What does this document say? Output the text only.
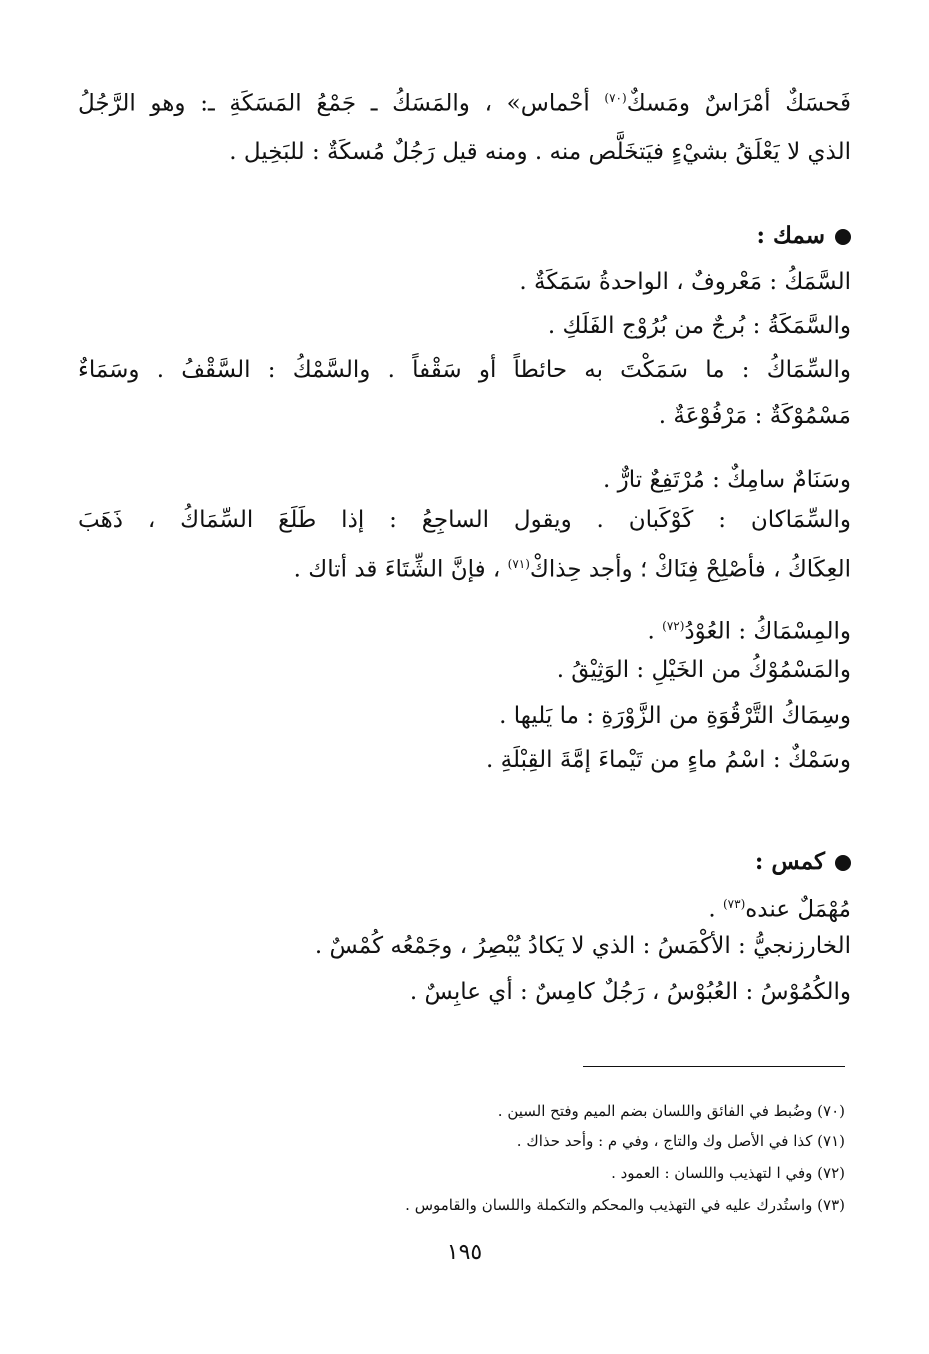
فَحسَكٌ أمْرَاسٌ ومَسكٌ$^{(٧٠)}$ أحْماس» ، والمَسَكُ ـ جَمْعُ المَسَكَةِ ـ: وهو الرَّجُلُ
الذي لا يَعْلَقُ بشيْءٍ فيَتخَلَّص منه . ومنه قيل رَجُلٌ مُسكَةٌ : للبَخِيل .
سمك :
السَّمَكُ : مَعْروفٌ ، الواحدةُ سَمَكَةٌ .
والسَّمَكَةُ : بُرجٌ من بُرُوْج الفَلَكِ .
والسِّمَاكُ : ما سَمَكْتَ به حائطاً أو سَقْفاً . والسَّمْكُ : السَّقْفُ . وسَمَاءٌ
مَسْمُوْكَةٌ : مَرْفُوْعَةٌ .
وسَنَامٌ سامِكٌ : مُرْتَفِعٌ تارٌّ .
والسِّمَاكان : كَوْكَبان . ويقول الساجِعُ : إذا طَلَعَ السِّمَاكُ ، ذَهَبَ
العِكَاكُ ، فأصْلِحْ فِنَاكْ ؛ وأجد حِذاكْ$^{(٧١)}$ ، فإنَّ الشِّتَاءَ قد أتاك .
والمِسْمَاكُ : العُوْدُ$^{(٧٢)}$ .
والمَسْمُوْكُ من الخَيْلِ : الوَثِيْقُ .
وسِمَاكُ التَّرْقُوَةِ من الزَّوْرَةِ : ما يَليها .
وسَمْكٌ : اسْمُ ماءٍ من تَيْماءَ إمَّةَ القِبْلَةِ .
كمس :
مُهْمَلٌ عنده$^{(٧٣)}$ .
الخارزنجيُّ : الأكْمَسُ : الذي لا يَكادُ يُبْصِرُ ، وجَمْعُه كُمْسٌ .
والكُمُوْسُ : العُبُوْسُ ، رَجُلٌ كامِسٌ : أي عابِسٌ .
(٧٠) وضُبط في الفائق واللسان بضم الميم وفتح السين .
(٧١) كذا في الأصل وك والتاج ، وفي م : وأحد حذاك .
(٧٢) وفي ا لتهذيب واللسان : العمود .
(٧٣) واستُدرك عليه في التهذيب والمحكم والتكملة واللسان والقاموس .
١٩٥
